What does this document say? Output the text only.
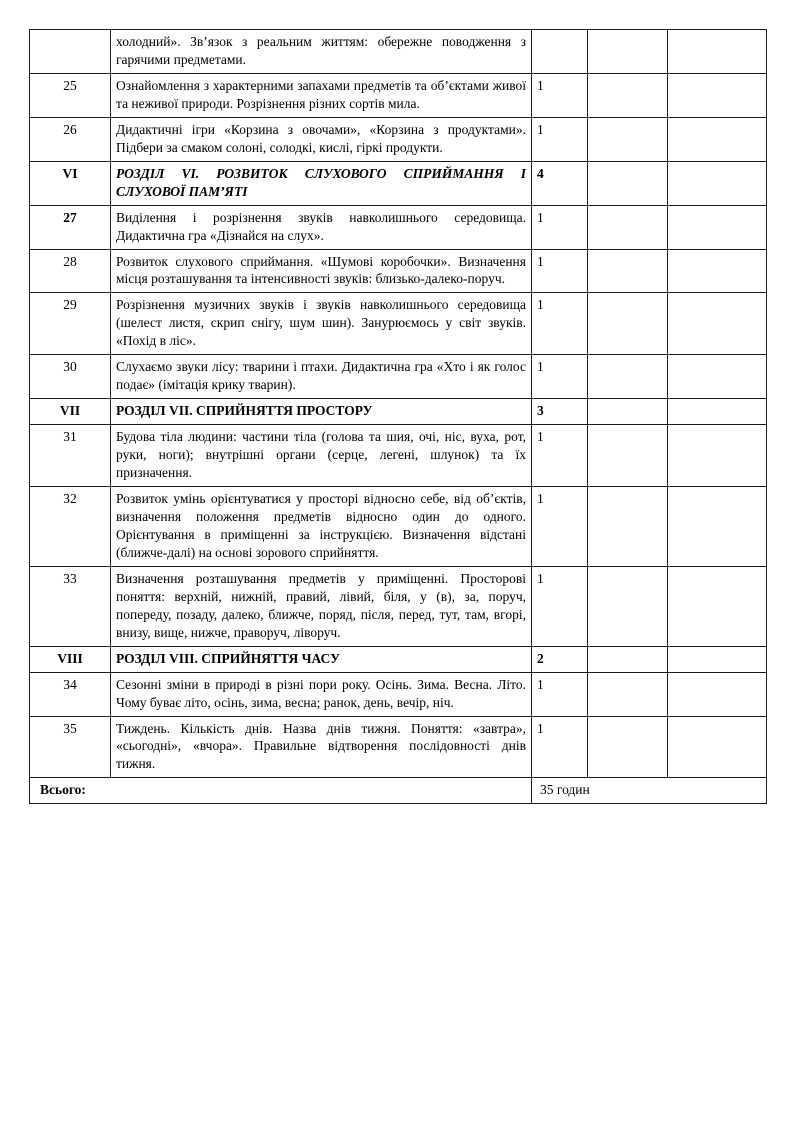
	холодний». Зв’язок з реальним життям: обережне поводження з гарячими предметами.			
25	Ознайомлення з характерними запахами предметів та об’єктами живої та неживої природи. Розрізнення різних сортів мила.	1		
26	Дидактичні ігри «Корзина з овочами», «Корзина з продуктами». Підбери за смаком солоні, солодкі, кислі, гіркі продукти.	1		
VI	РОЗДІЛ VI. РОЗВИТОК СЛУХОВОГО СПРИЙМАННЯ І СЛУХОВОЇ ПАМ’ЯТІ	4		
27	Виділення і розрізнення звуків навколишнього середовища. Дидактична гра «Дізнайся на слух».	1		
28	Розвиток слухового сприймання. «Шумові коробочки». Визначення місця розташування та інтенсивності звуків: близько-далеко-поруч.	1		
29	Розрізнення музичних звуків і звуків навколишнього середовища (шелест листя, скрип снігу, шум шин). Занурюємось у світ звуків. «Похід в ліс».	1		
30	Слухаємо звуки лісу: тварини і птахи. Дидактична гра «Хто і як голос подає» (імітація крику тварин).	1		
VII	РОЗДІЛ VII. СПРИЙНЯТТЯ ПРОСТОРУ	3		
31	Будова тіла людини: частини тіла (голова та шия, очі, ніс, вуха, рот, руки, ноги); внутрішні органи (серце, легені, шлунок) та їх призначення.	1		
32	Розвиток умінь орієнтуватися у просторі відносно себе, від об’єктів, визначення положення предметів відносно один до одного. Орієнтування в приміщенні за інструкцією. Визначення відстані (ближче-далі) на основі зорового сприйняття.	1		
33	Визначення розташування предметів у приміщенні. Просторові поняття: верхній, нижній, правий, лівий, біля, у (в), за, поруч, попереду, позаду, далеко, ближче, поряд, після, перед, тут, там, вгорі, внизу, вище, нижче, праворуч, ліворуч.	1		
VIII	РОЗДІЛ VIII. СПРИЙНЯТТЯ ЧАСУ	2		
34	Сезонні зміни в природі в різні пори року. Осінь. Зима. Весна. Літо. Чому буває літо, осінь, зима, весна; ранок, день, вечір, ніч.	1		
35	Тиждень. Кількість днів. Назва днів тижня. Поняття: «завтра», «сьогодні», «вчора». Правильне відтворення послідовності днів тижня.	1		
Всього:		35 годин		
